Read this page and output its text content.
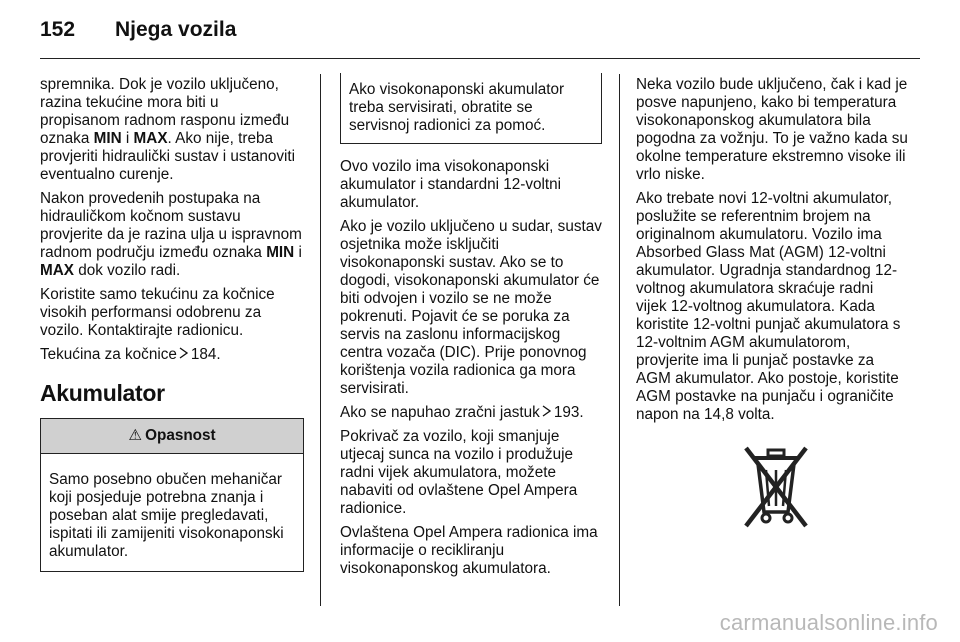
152	Njega vozila

spremnika. Dok je vozilo uključeno, razina tekućine mora biti u propisanom radnom rasponu između oznaka MIN i MAX. Ako nije, treba provjeriti hidraulički sustav i ustanoviti eventualno curenje.

Nakon provedenih postupaka na hidrauličkom kočnom sustavu provjerite da je razina ulja u ispravnom radnom području između oznaka MIN i MAX dok vozilo radi.

Koristite samo tekućinu za kočnice visokih performansi odobrenu za vozilo. Kontaktirajte radionicu.

Tekućina za kočnice 184.

Akumulator
⚠ Opasnost
Samo posebno obučen mehaničar koji posjeduje potrebna znanja i poseban alat smije pregledavati, ispitati ili zamijeniti visokonaponski akumulator.
Ako visokonaponski akumulator treba servisirati, obratite se servisnoj radionici za pomoć.

Ovo vozilo ima visokonaponski akumulator i standardni 12-voltni akumulator.

Ako je vozilo uključeno u sudar, sustav osjetnika može isključiti visokonaponski sustav. Ako se to dogodi, visokonaponski akumulator će biti odvojen i vozilo se ne može pokrenuti. Pojavit će se poruka za servis na zaslonu informacijskog centra vozača (DIC). Prije ponovnog korištenja vozila radionica ga mora servisirati.

Ako se napuhao zračni jastuk 193.

Pokrivač za vozilo, koji smanjuje utjecaj sunca na vozilo i produžuje radni vijek akumulatora, možete nabaviti od ovlaštene Opel Ampera radionice.

Ovlaštena Opel Ampera radionica ima informacije o recikliranju visokonaponskog akumulatora.

Neka vozilo bude uključeno, čak i kad je posve napunjeno, kako bi temperatura visokonaponskog akumulatora bila pogodna za vožnju. To je važno kada su okolne temperature ekstremno visoke ili vrlo niske.

Ako trebate novi 12-voltni akumulator, poslužite se referentnim brojem na originalnom akumulatoru. Vozilo ima Absorbed Glass Mat (AGM) 12-voltni akumulator. Ugradnja standardnog 12-voltnog akumulatora skraćuje radni vijek 12-voltnog akumulatora. Kada koristite 12-voltni punjač akumulatora s 12-voltnim AGM akumulatorom, provjerite ima li punjač postavke za AGM akumulator. Ako postoje, koristite AGM postavke na punjaču i ograničite napon na 14,8 volta.

carmanualsonline.info
